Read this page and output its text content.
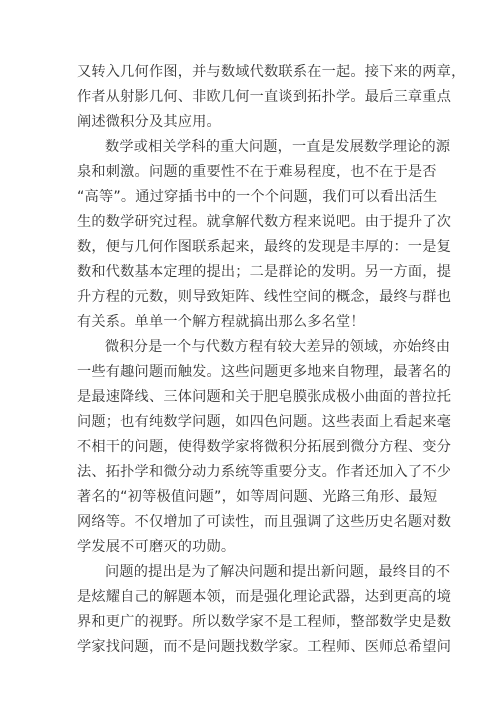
又转入几何作图，并与数域代数联系在一起。接下来的两章，
作者从射影几何、非欧几何一直谈到拓扑学。最后三章重点
阐述微积分及其应用。
数学或相关学科的重大问题，一直是发展数学理论的源
泉和刺激。问题的重要性不在于难易程度，也不在于是否
“高等”。通过穿插书中的一个个问题，我们可以看出活生
生的数学研究过程。就拿解代数方程来说吧。由于提升了次
数，便与几何作图联系起来，最终的发现是丰厚的：一是复
数和代数基本定理的提出；二是群论的发明。另一方面，提
升方程的元数，则导致矩阵、线性空间的概念，最终与群也
有关系。单单一个解方程就搞出那么多名堂！
微积分是一个与代数方程有较大差异的领域，亦始终由
一些有趣问题而触发。这些问题更多地来自物理，最著名的
是最速降线、三体问题和关于肥皂膜张成极小曲面的普拉托
问题；也有纯数学问题，如四色问题。这些表面上看起来毫
不相干的问题，使得数学家将微积分拓展到微分方程、变分
法、拓扑学和微分动力系统等重要分支。作者还加入了不少
著名的“初等极值问题”，如等周问题、光路三角形、最短
网络等。不仅增加了可读性，而且强调了这些历史名题对数
学发展不可磨灭的功勋。
问题的提出是为了解决问题和提出新问题，最终目的不
是炫耀自己的解题本领，而是强化理论武器，达到更高的境
界和更广的视野。所以数学家不是工程师，整部数学史是数
学家找问题，而不是问题找数学家。工程师、医师总希望问
